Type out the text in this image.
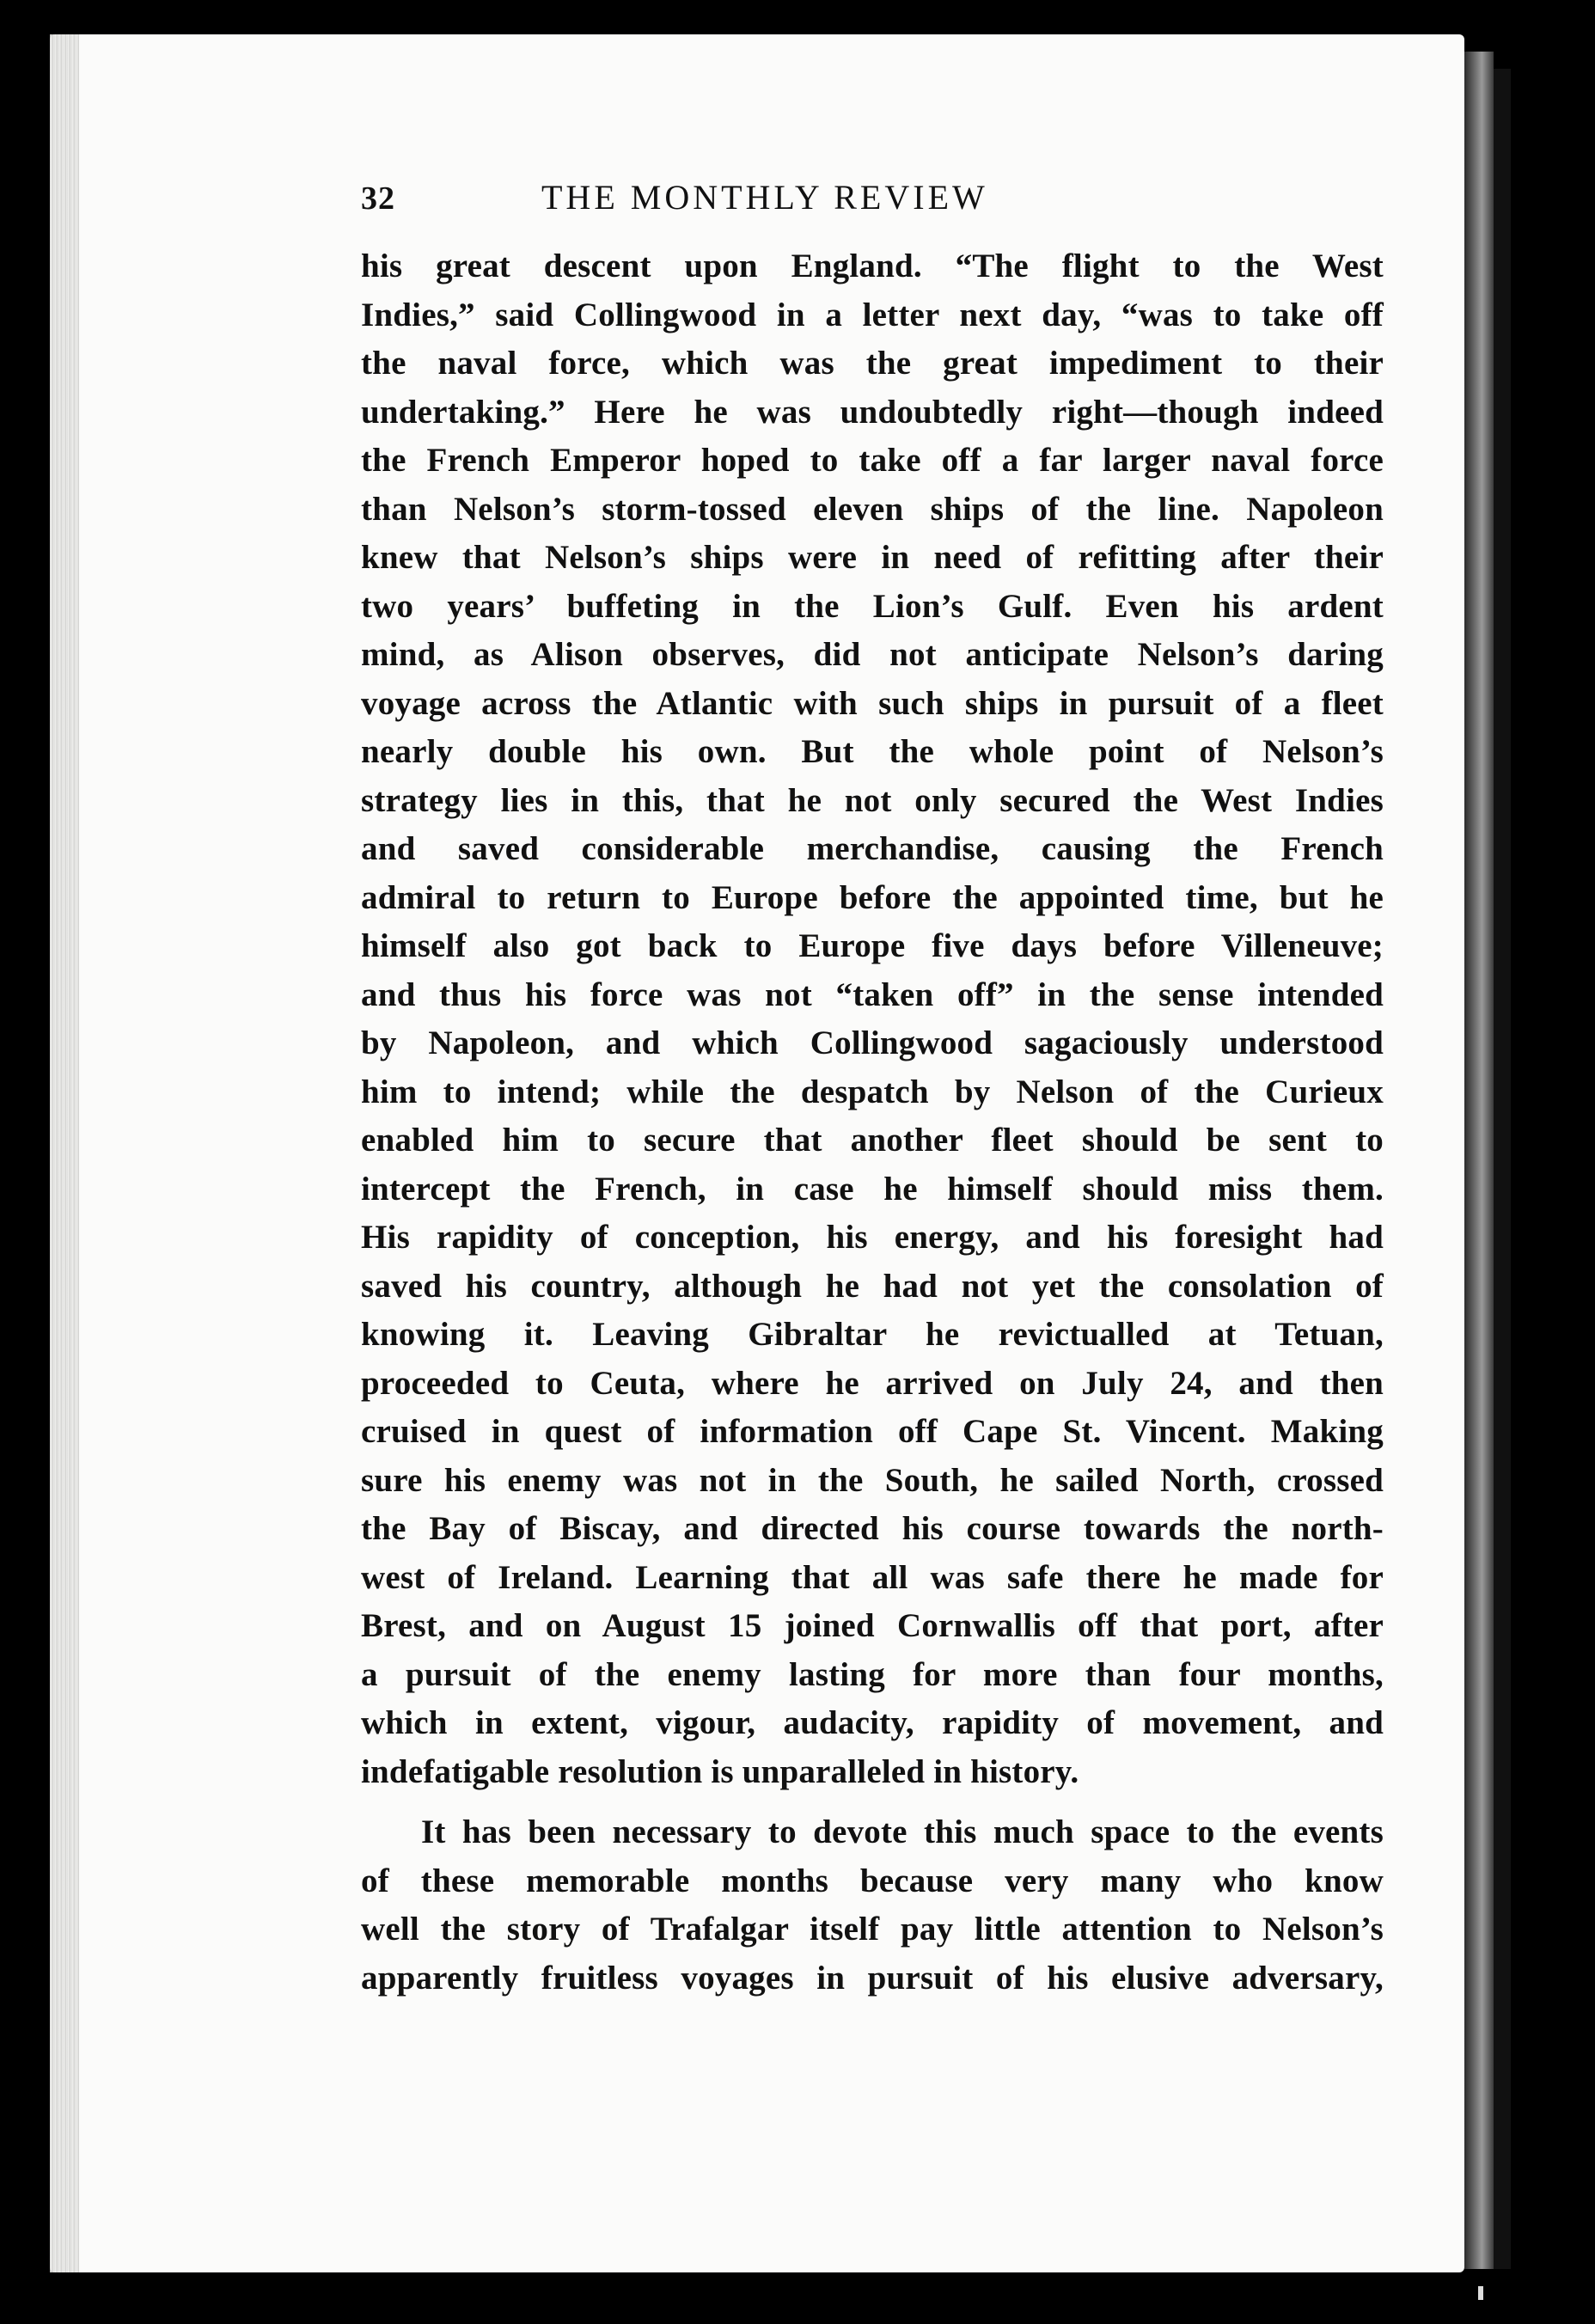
32	THE MONTHLY REVIEW
his great descent upon England. “The flight to the West
Indies,” said Collingwood in a letter next day, “was to take off
the naval force, which was the great impediment to their
undertaking.” Here he was undoubtedly right—though indeed
the French Emperor hoped to take off a far larger naval force
than Nelson’s storm-tossed eleven ships of the line. Napoleon
knew that Nelson’s ships were in need of refitting after their
two years’ buffeting in the Lion’s Gulf. Even his ardent
mind, as Alison observes, did not anticipate Nelson’s daring
voyage across the Atlantic with such ships in pursuit of a fleet
nearly double his own. But the whole point of Nelson’s
strategy lies in this, that he not only secured the West Indies
and saved considerable merchandise, causing the French
admiral to return to Europe before the appointed time, but he
himself also got back to Europe five days before Villeneuve;
and thus his force was not “taken off” in the sense intended
by Napoleon, and which Collingwood sagaciously understood
him to intend; while the despatch by Nelson of the Curieux
enabled him to secure that another fleet should be sent to
intercept the French, in case he himself should miss them.
His rapidity of conception, his energy, and his foresight had
saved his country, although he had not yet the consolation of
knowing it. Leaving Gibraltar he revictualled at Tetuan,
proceeded to Ceuta, where he arrived on July 24, and then
cruised in quest of information off Cape St. Vincent. Making
sure his enemy was not in the South, he sailed North, crossed
the Bay of Biscay, and directed his course towards the north-
west of Ireland. Learning that all was safe there he made for
Brest, and on August 15 joined Cornwallis off that port, after
a pursuit of the enemy lasting for more than four months,
which in extent, vigour, audacity, rapidity of movement, and
indefatigable resolution is unparalleled in history.
It has been necessary to devote this much space to the events
of these memorable months because very many who know
well the story of Trafalgar itself pay little attention to Nelson’s
apparently fruitless voyages in pursuit of his elusive adversary,
